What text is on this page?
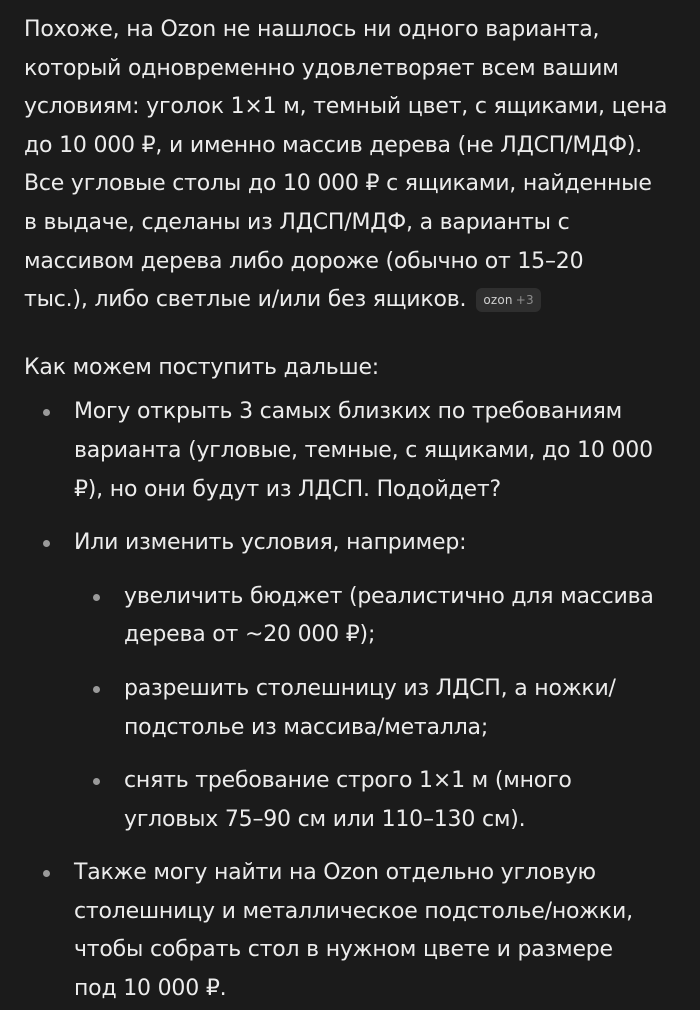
Похоже, на Ozon не нашлось ни одного варианта,
который одновременно удовлетворяет всем вашим
условиям: уголок 1×1 м, темный цвет, с ящиками, цена
до 10 000 ₽, и именно массив дерева (не ЛДСП/МДФ).
Все угловые столы до 10 000 ₽ с ящиками, найденные
в выдаче, сделаны из ЛДСП/МДФ, а варианты с
массивом дерева либо дороже (обычно от 15–20
тыс.), либо светлые и/или без ящиков. ozon +3

Как можем поступить дальше:

Могу открыть 3 самых близких по требованиям
варианта (угловые, темные, с ящиками, до 10 000
₽), но они будут из ЛДСП. Подойдет?
Или изменить условия, например:
увеличить бюджет (реалистично для массива
дерева от ~20 000 ₽);
разрешить столешницу из ЛДСП, а ножки/
подстолье из массива/металла;
снять требование строго 1×1 м (много
угловых 75–90 см или 110–130 см).
Также могу найти на Ozon отдельно угловую
столешницу и металлическое подстолье/ножки,
чтобы собрать стол в нужном цвете и размере
под 10 000 ₽.
